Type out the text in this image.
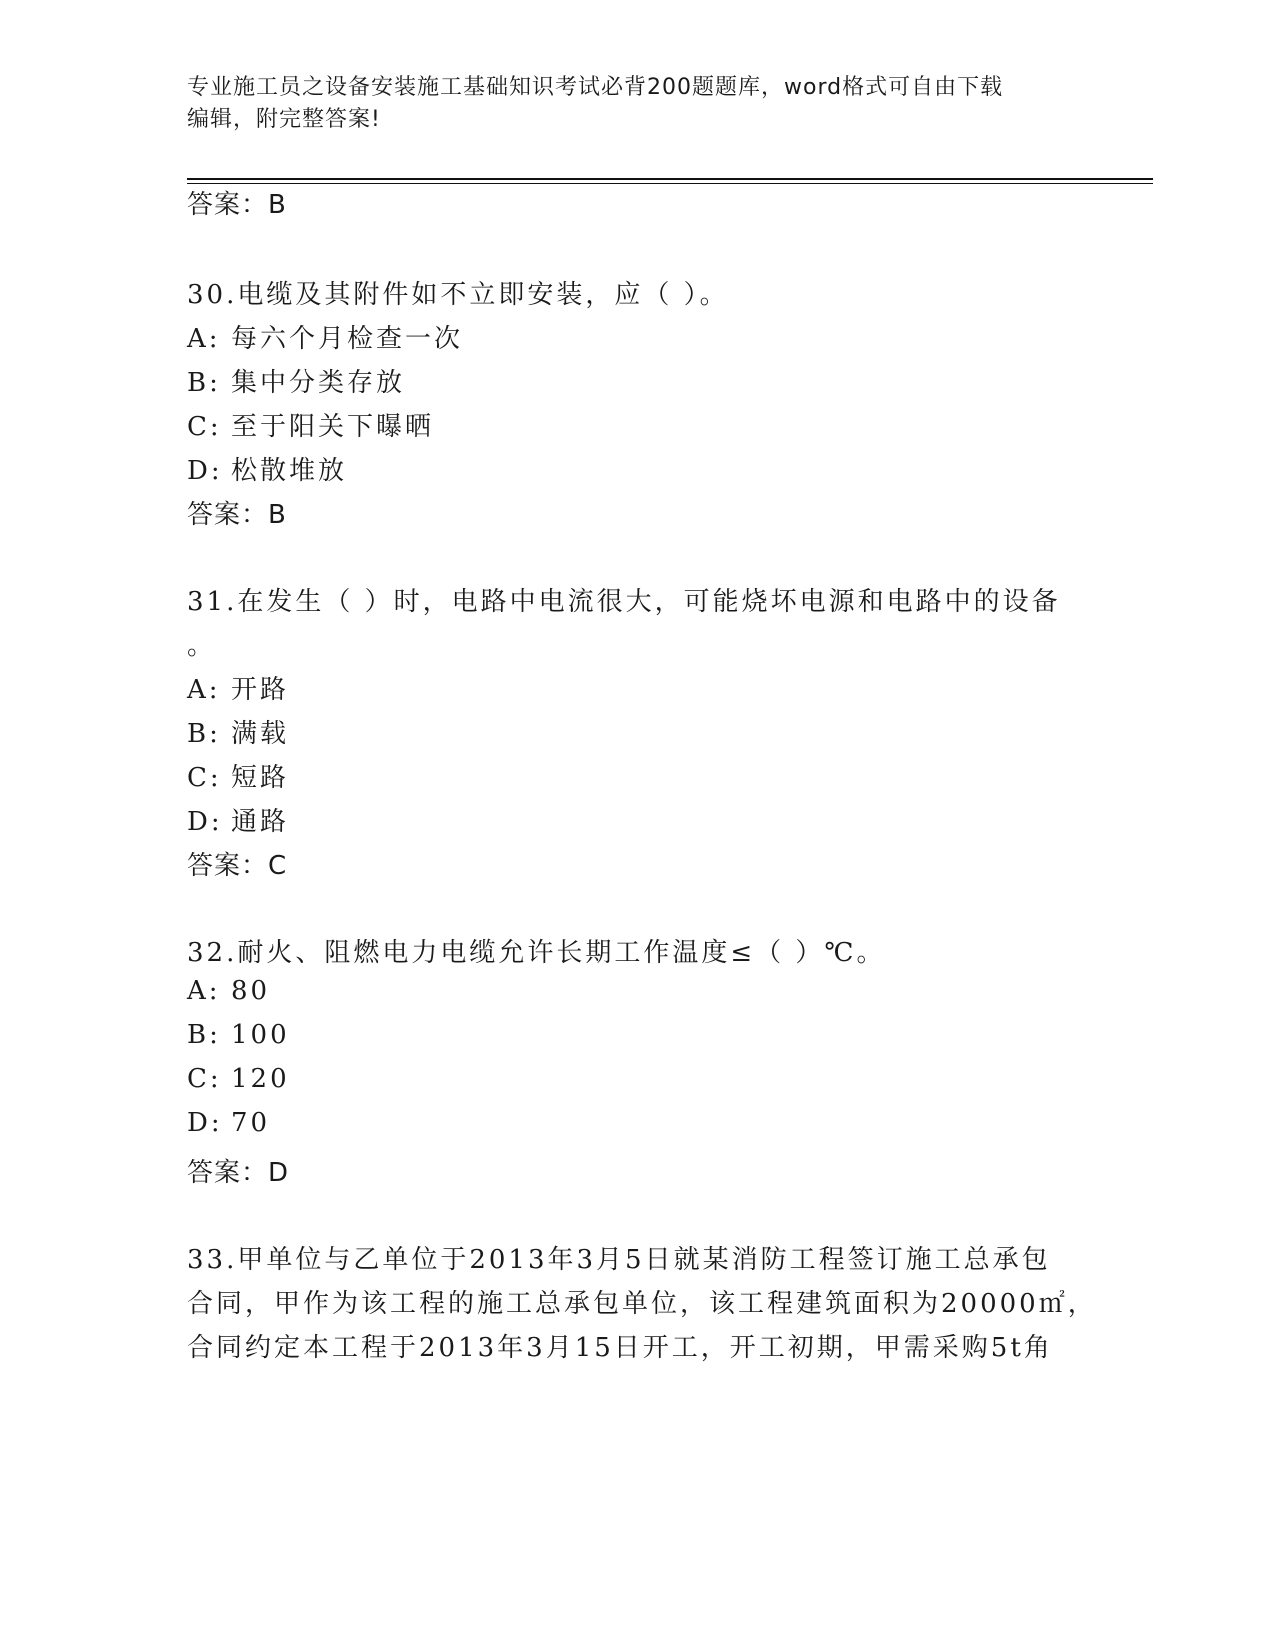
专业施工员之设备安装施工基础知识考试必背200题题库，word格式可自由下载
编辑，附完整答案!
答案：B
30.电缆及其附件如不立即安装，应（ ）。
A: 每六个月检查一次
B: 集中分类存放
C: 至于阳关下曝晒
D: 松散堆放
答案：B
31.在发生（ ）时，电路中电流很大，可能烧坏电源和电路中的设备
。
A: 开路
B: 满载
C: 短路
D: 通路
答案：C
32.耐火、阻燃电力电缆允许长期工作温度≤（ ）℃。
A: 80
B: 100
C: 120
D: 70
答案：D
33.甲单位与乙单位于2013年3月5日就某消防工程签订施工总承包
合同，甲作为该工程的施工总承包单位，该工程建筑面积为20000㎡，
合同约定本工程于2013年3月15日开工，开工初期，甲需采购5t角
